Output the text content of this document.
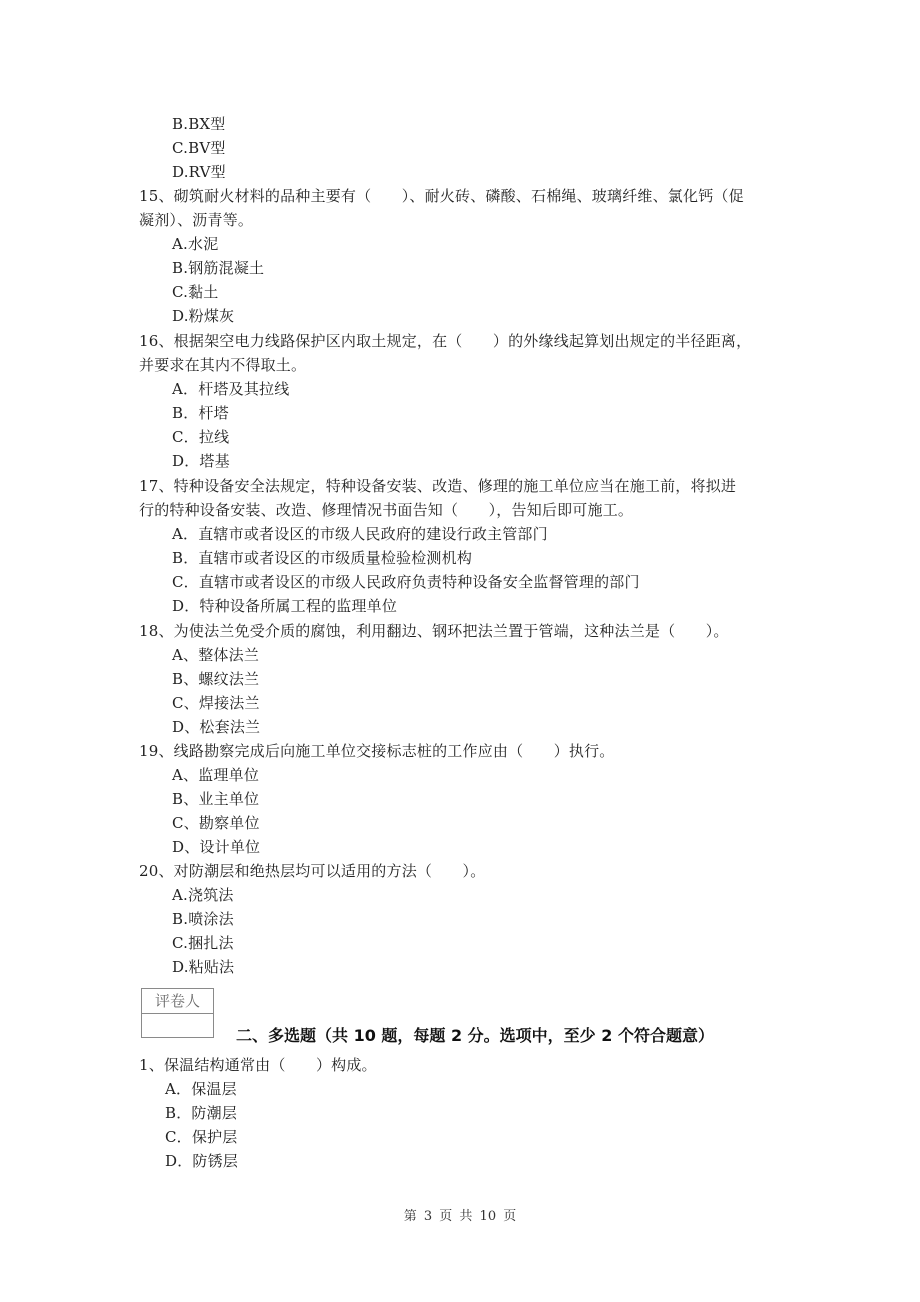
B.BX型
C.BV型
D.RV型
15、砌筑耐火材料的品种主要有（　　）、耐火砖、磷酸、石棉绳、玻璃纤维、氯化钙（促
凝剂）、沥青等。
A.水泥
B.钢筋混凝土
C.黏土
D.粉煤灰
16、根据架空电力线路保护区内取土规定，在（　　）的外缘线起算划出规定的半径距离，
并要求在其内不得取土。
A．杆塔及其拉线
B．杆塔
C．拉线
D．塔基
17、特种设备安全法规定，特种设备安装、改造、修理的施工单位应当在施工前，将拟进
行的特种设备安装、改造、修理情况书面告知（　　），告知后即可施工。
A．直辖市或者设区的市级人民政府的建设行政主管部门
B．直辖市或者设区的市级质量检验检测机构
C．直辖市或者设区的市级人民政府负责特种设备安全监督管理的部门
D．特种设备所属工程的监理单位
18、为使法兰免受介质的腐蚀，利用翻边、钢环把法兰置于管端，这种法兰是（　　）。
A、整体法兰
B、螺纹法兰
C、焊接法兰
D、松套法兰
19、线路勘察完成后向施工单位交接标志桩的工作应由（　　）执行。
A、监理单位
B、业主单位
C、勘察单位
D、设计单位
20、对防潮层和绝热层均可以适用的方法（　　）。
A.浇筑法
B.喷涂法
C.捆扎法
D.粘贴法
评卷人
二、多选题（共 10 题，每题 2 分。选项中，至少 2 个符合题意）
1、保温结构通常由（　　）构成。
A．保温层
B．防潮层
C．保护层
D．防锈层
第 3 页 共 10 页
